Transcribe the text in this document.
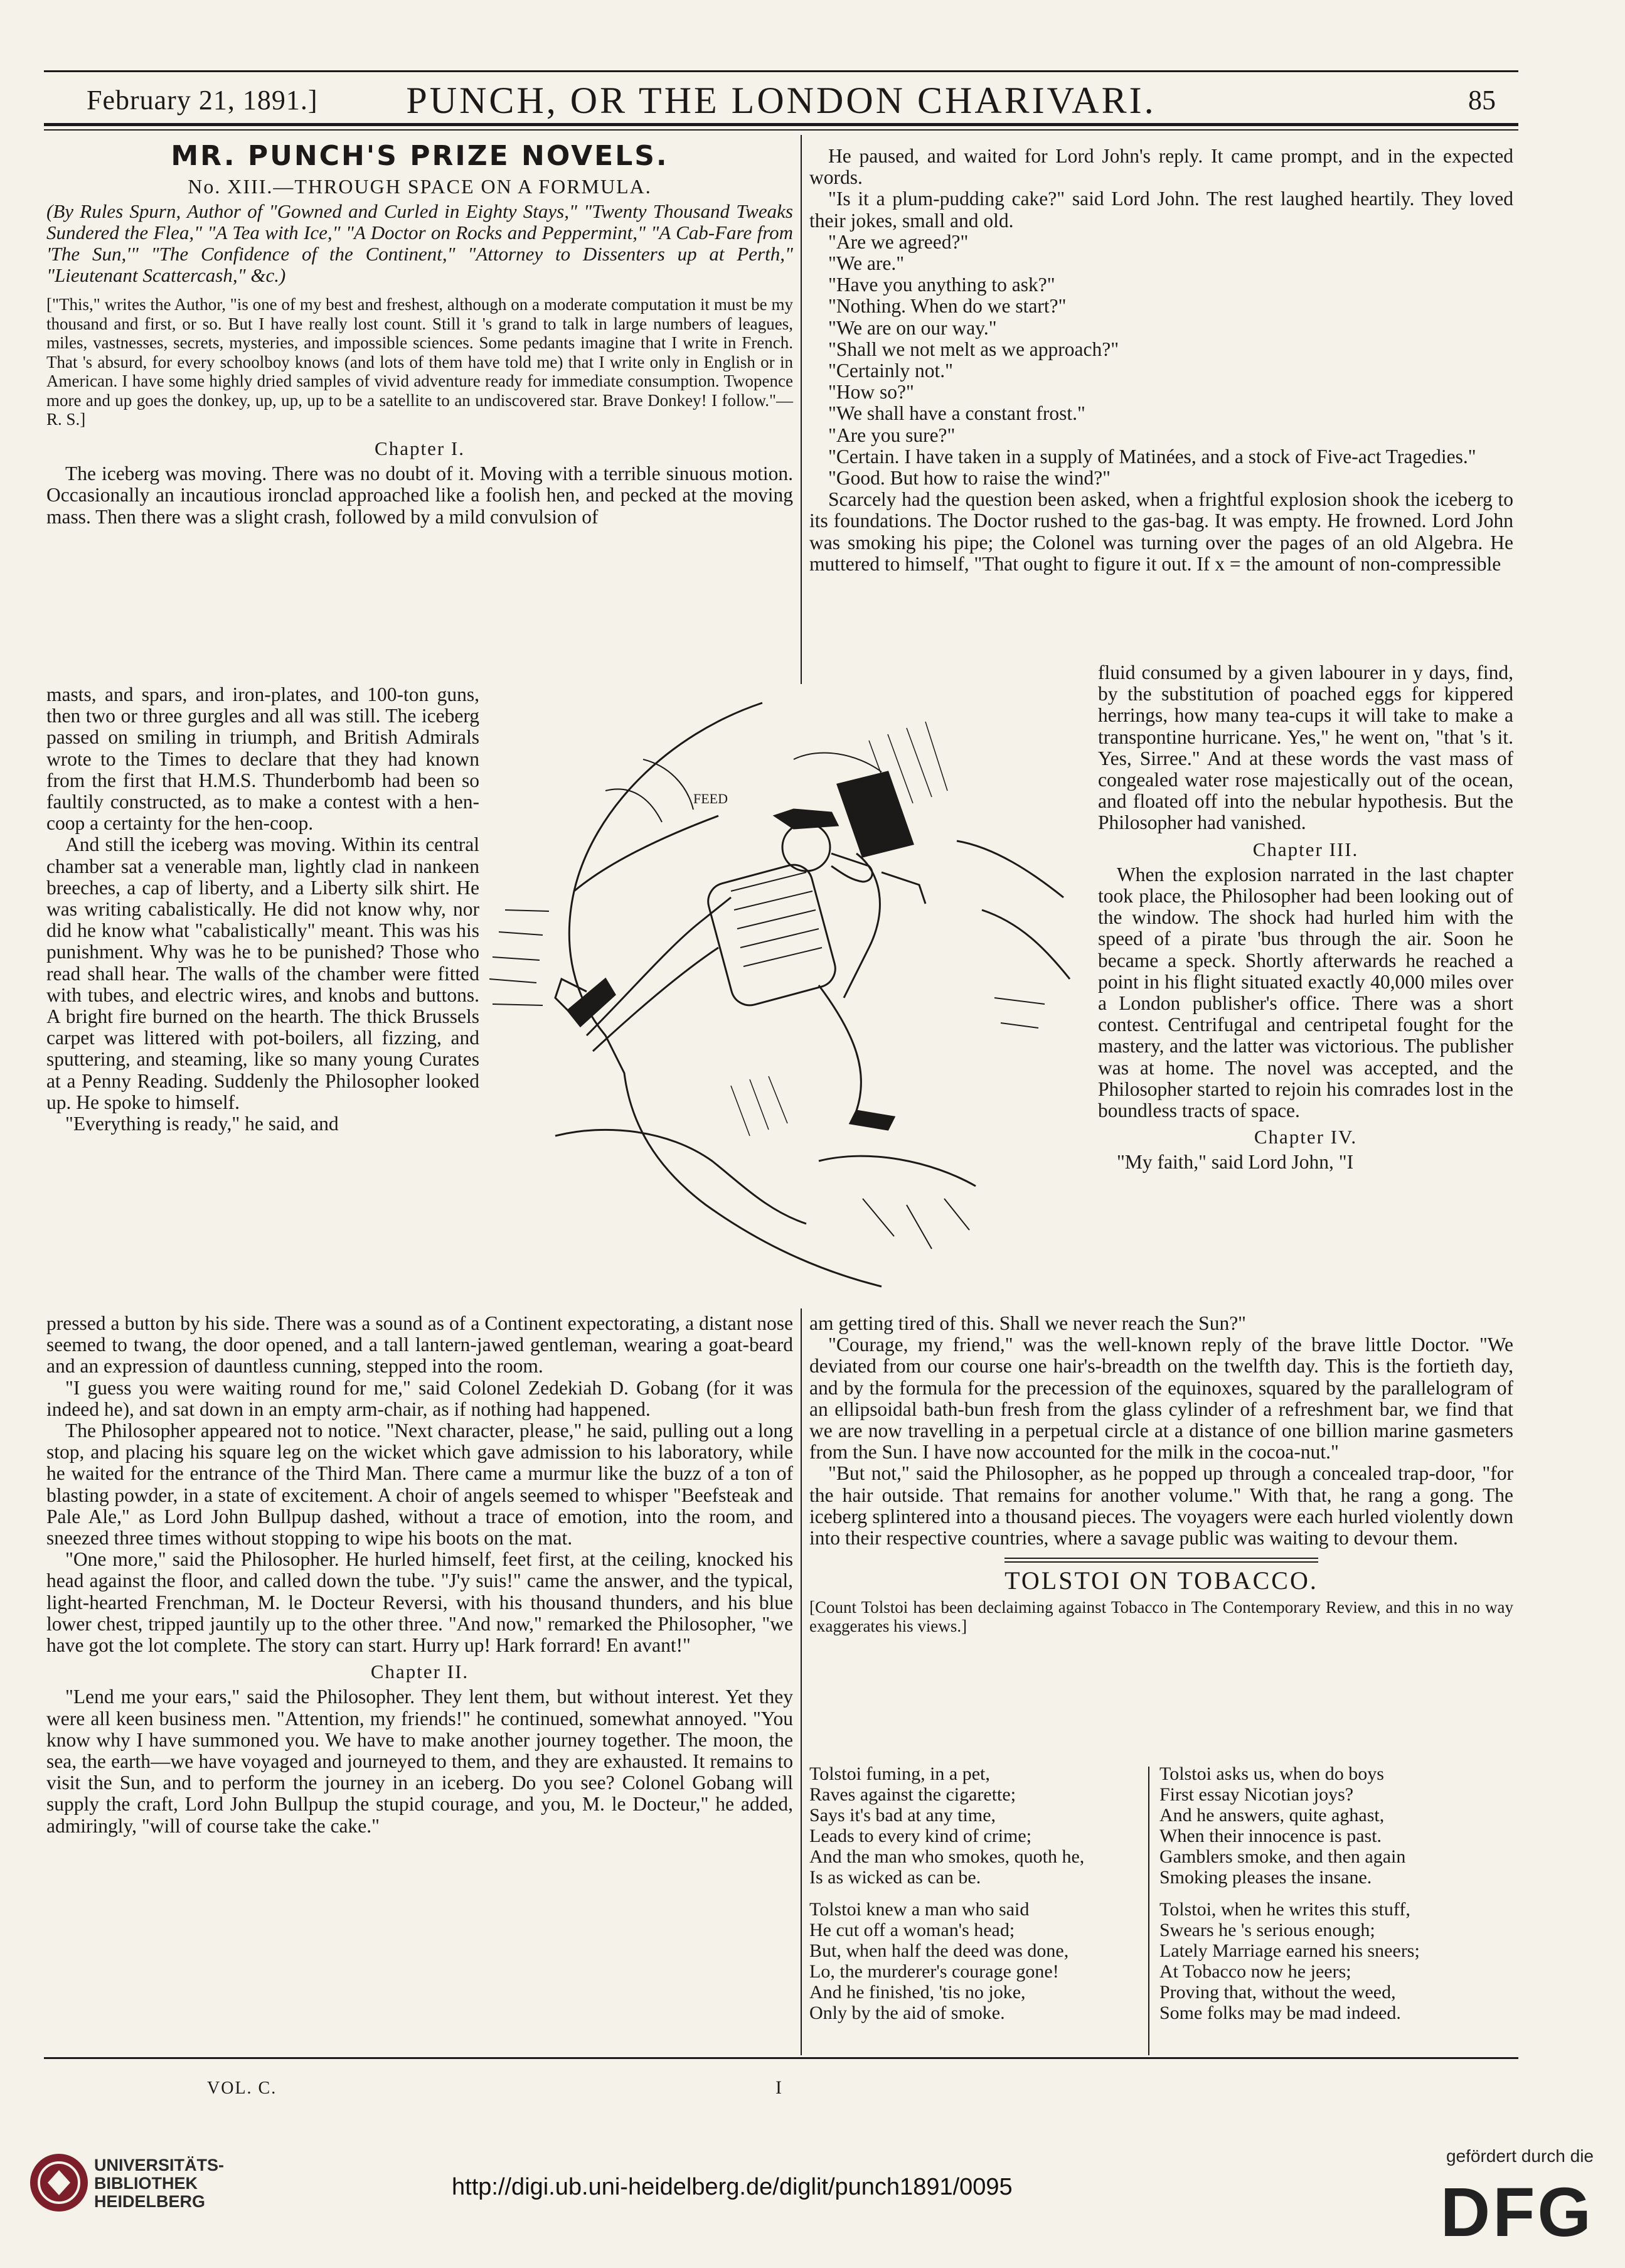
February 21, 1891.]	PUNCH, OR THE LONDON CHARIVARI.	85
MR. PUNCH'S PRIZE NOVELS.
No. XIII.—THROUGH SPACE ON A FORMULA.
(By Rules Spurn, Author of "Gowned and Curled in Eighty Stays," "Twenty Thousand Tweaks Sundered the Flea," "A Tea with Ice," "A Doctor on Rocks and Peppermint," "A Cab-Fare from 'The Sun,'" "The Confidence of the Continent," "Attorney to Dissenters up at Perth," "Lieutenant Scattercash," &c.)
["This," writes the Author, "is one of my best and freshest, although on a moderate computation it must be my thousand and first, or so. But I have really lost count. Still it 's grand to talk in large numbers of leagues, miles, vastnesses, secrets, mysteries, and impossible sciences. Some pedants imagine that I write in French. That 's absurd, for every schoolboy knows (and lots of them have told me) that I write only in English or in American. I have some highly dried samples of vivid adventure ready for immediate consumption. Twopence more and up goes the donkey, up, up, up to be a satellite to an undiscovered star. Brave Donkey! I follow."—R. S.]
Chapter I.

The iceberg was moving. There was no doubt of it. Moving with a terrible sinuous motion. Occasionally an incautious ironclad approached like a foolish hen, and pecked at the moving mass. Then there was a slight crash, followed by a mild convulsion of

masts, and spars, and iron-plates, and 100-ton guns, then two or three gurgles and all was still. The iceberg passed on smiling in triumph, and British Admirals wrote to the Times to declare that they had known from the first that H.M.S. Thunderbomb had been so faultily constructed, as to make a contest with a hen-coop a certainty for the hen-coop.

And still the iceberg was moving. Within its central chamber sat a venerable man, lightly clad in nankeen breeches, a cap of liberty, and a Liberty silk shirt. He was writing cabalistically. He did not know why, nor did he know what "cabalistically" meant. This was his punishment. Why was he to be punished? Those who read shall hear. The walls of the chamber were fitted with tubes, and electric wires, and knobs and buttons. A bright fire burned on the hearth. The thick Brussels carpet was littered with pot-boilers, all fizzing, and sputtering, and steaming, like so many young Curates at a Penny Reading. Suddenly the Philosopher looked up. He spoke to himself.

"Everything is ready," he said, and

FEED

pressed a button by his side. There was a sound as of a Continent expectorating, a distant nose seemed to twang, the door opened, and a tall lantern-jawed gentleman, wearing a goat-beard and an expression of dauntless cunning, stepped into the room.

"I guess you were waiting round for me," said Colonel Zedekiah D. Gobang (for it was indeed he), and sat down in an empty arm-chair, as if nothing had happened.

The Philosopher appeared not to notice. "Next character, please," he said, pulling out a long stop, and placing his square leg on the wicket which gave admission to his laboratory, while he waited for the entrance of the Third Man. There came a murmur like the buzz of a ton of blasting powder, in a state of excitement. A choir of angels seemed to whisper "Beefsteak and Pale Ale," as Lord John Bullpup dashed, without a trace of emotion, into the room, and sneezed three times without stopping to wipe his boots on the mat.

"One more," said the Philosopher. He hurled himself, feet first, at the ceiling, knocked his head against the floor, and called down the tube. "J'y suis!" came the answer, and the typical, light-hearted Frenchman, M. le Docteur Reversi, with his thousand thunders, and his blue lower chest, tripped jauntily up to the other three. "And now," remarked the Philosopher, "we have got the lot complete. The story can start. Hurry up! Hark forrard! En avant!"

Chapter II.

"Lend me your ears," said the Philosopher. They lent them, but without interest. Yet they were all keen business men. "Attention, my friends!" he continued, somewhat annoyed. "You know why I have summoned you. We have to make another journey together. The moon, the sea, the earth—we have voyaged and journeyed to them, and they are exhausted. It remains to visit the Sun, and to perform the journey in an iceberg. Do you see? Colonel Gobang will supply the craft, Lord John Bullpup the stupid courage, and you, M. le Docteur," he added, admiringly, "will of course take the cake."

He paused, and waited for Lord John's reply. It came prompt, and in the expected words.

"Is it a plum-pudding cake?" said Lord John. The rest laughed heartily. They loved their jokes, small and old.

"Are we agreed?"

"We are."

"Have you anything to ask?"

"Nothing. When do we start?"

"We are on our way."

"Shall we not melt as we approach?"

"Certainly not."

"How so?"

"We shall have a constant frost."

"Are you sure?"

"Certain. I have taken in a supply of Matinées, and a stock of Five-act Tragedies."

"Good. But how to raise the wind?"

Scarcely had the question been asked, when a frightful explosion shook the iceberg to its foundations. The Doctor rushed to the gas-bag. It was empty. He frowned. Lord John was smoking his pipe; the Colonel was turning over the pages of an old Algebra. He muttered to himself, "That ought to figure it out. If x = the amount of non-compressible

fluid consumed by a given labourer in y days, find, by the substitution of poached eggs for kippered herrings, how many tea-cups it will take to make a transpontine hurricane. Yes," he went on, "that 's it. Yes, Sirree." And at these words the vast mass of congealed water rose majestically out of the ocean, and floated off into the nebular hypothesis. But the Philosopher had vanished.

Chapter III.

When the explosion narrated in the last chapter took place, the Philosopher had been looking out of the window. The shock had hurled him with the speed of a pirate 'bus through the air. Soon he became a speck. Shortly afterwards he reached a point in his flight situated exactly 40,000 miles over a London publisher's office. There was a short contest. Centrifugal and centripetal fought for the mastery, and the latter was victorious. The publisher was at home. The novel was accepted, and the Philosopher started to rejoin his comrades lost in the boundless tracts of space.

Chapter IV.

"My faith," said Lord John, "I

am getting tired of this. Shall we never reach the Sun?"

"Courage, my friend," was the well-known reply of the brave little Doctor. "We deviated from our course one hair's-breadth on the twelfth day. This is the fortieth day, and by the formula for the precession of the equinoxes, squared by the parallelogram of an ellipsoidal bath-bun fresh from the glass cylinder of a refreshment bar, we find that we are now travelling in a perpetual circle at a distance of one billion marine gasmeters from the Sun. I have now accounted for the milk in the cocoa-nut."

"But not," said the Philosopher, as he popped up through a concealed trap-door, "for the hair outside. That remains for another volume." With that, he rang a gong. The iceberg splintered into a thousand pieces. The voyagers were each hurled violently down into their respective countries, where a savage public was waiting to devour them.

TOLSTOI ON TOBACCO.
[Count Tolstoi has been declaiming against Tobacco in The Contemporary Review, and this in no way exaggerates his views.]
Tolstoi fuming, in a pet,
Raves against the cigarette;
Says it's bad at any time,
Leads to every kind of crime;
And the man who smokes, quoth he,
Is as wicked as can be.
Tolstoi knew a man who said
He cut off a woman's head;
But, when half the deed was done,
Lo, the murderer's courage gone!
And he finished, 'tis no joke,
Only by the aid of smoke.
Tolstoi asks us, when do boys
First essay Nicotian joys?
And he answers, quite aghast,
When their innocence is past.
Gamblers smoke, and then again
Smoking pleases the insane.
Tolstoi, when he writes this stuff,
Swears he 's serious enough;
Lately Marriage earned his sneers;
At Tobacco now he jeers;
Proving that, without the weed,
Some folks may be mad indeed.
VOL. C.	I
UNIVERSITÄTS-
BIBLIOTHEK
HEIDELBERG
http://digi.ub.uni-heidelberg.de/diglit/punch1891/0095
gefördert durch die
DFG
